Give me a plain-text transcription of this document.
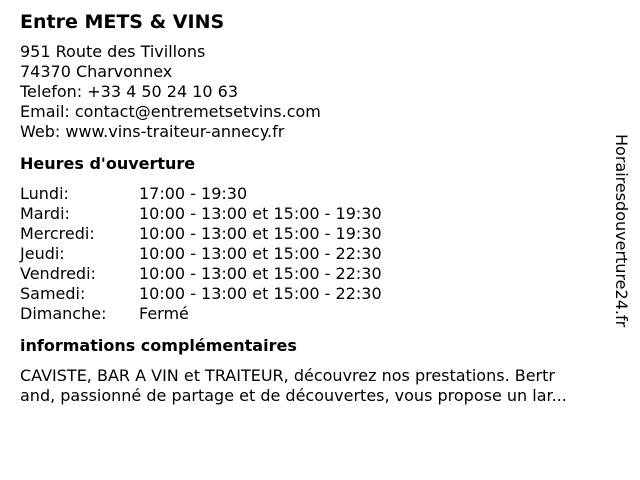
Entre METS & VINS
951 Route des Tivillons
74370 Charvonnex
Telefon: +33 4 50 24 10 63
Email: contact@entremetsetvins.com
Web: www.vins-traiteur-annecy.fr
Heures d'ouverture
Lundi:	17:00 - 19:30
Mardi:	10:00 - 13:00 et 15:00 - 19:30
Mercredi:	10:00 - 13:00 et 15:00 - 19:30
Jeudi:	10:00 - 13:00 et 15:00 - 22:30
Vendredi:	10:00 - 13:00 et 15:00 - 22:30
Samedi:	10:00 - 13:00 et 15:00 - 22:30
Dimanche:	Fermé
informations complémentaires
CAVISTE, BAR A VIN et TRAITEUR, découvrez nos prestations. Bertr
and, passionné de partage et de découvertes, vous propose un lar...
Horairesdouverture24.fr
